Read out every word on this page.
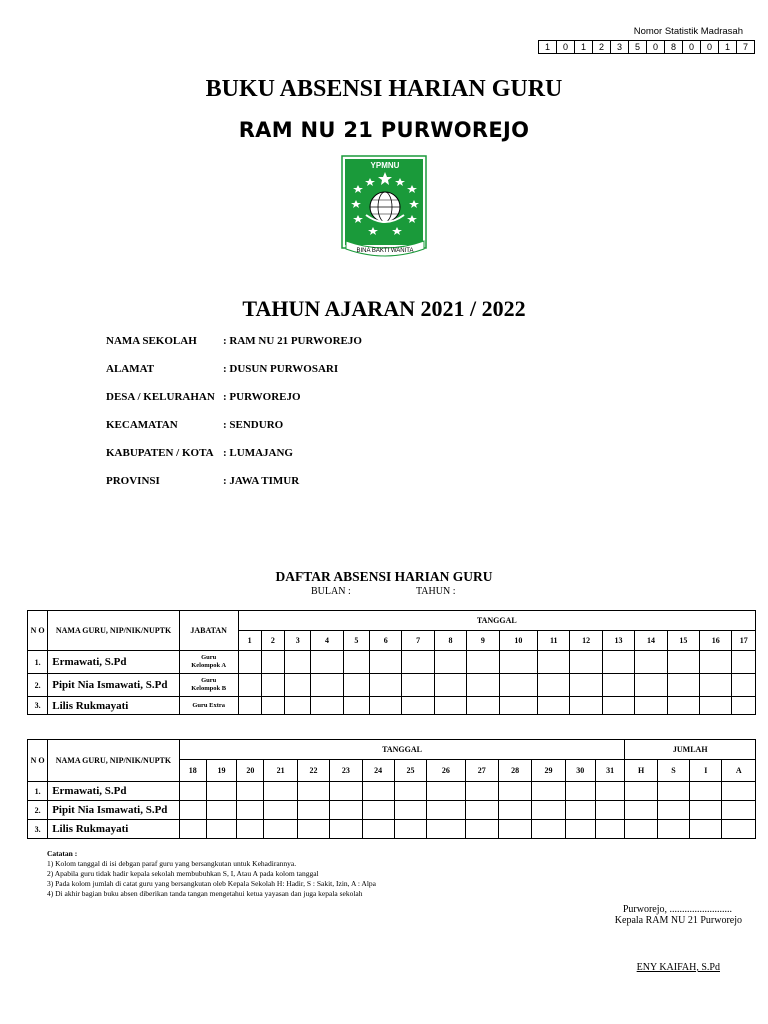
Nomor Statistik Madrasah
1	0	1	2	3	5	0	8	0	0	1	7
BUKU ABSENSI HARIAN GURU
RAM NU 21 PURWOREJO
YPMNU
BINA BAKTI WANITA
TAHUN AJARAN 2021 / 2022
NAMA SEKOLAH	: RAM NU 21 PURWOREJO
ALAMAT	: DUSUN PURWOSARI
DESA / KELURAHAN : PURWOREJO
KECAMATAN	: SENDURO
KABUPATEN / KOTA : LUMAJANG
PROVINSI	: JAWA TIMUR
DAFTAR ABSENSI HARIAN GURU
BULAN :	TAHUN :
N O	NAMA GURU, NIP/NIK/NUPTK	JABATAN	TANGGAL																
			1	2	3	4	5	6	7	8	9	10	11	12	13	14	15	16	17
1.	Ermawati, S.Pd	Guru
Kelompok A																	

2.	Pipit Nia Ismawati, S.Pd	Guru
Kelompok B																	

3.	Lilis Rukmayati	Guru Extra																	

N O	NAMA GURU, NIP/NIK/NUPTK	TANGGAL														JUMLAH			
		18	19	20	21	22	23	24	25	26	27	28	29	30	31	H	S	I	A
1.	Ermawati, S.Pd																		
2.	Pipit Nia Ismawati, S.Pd																		
3.	Lilis Rukmayati																		
Catatan :
1) Kolom tanggal di isi debgan paraf guru yang bersangkutan untuk Kehadirannya.
2) Apabila guru tidak hadir kepala sekolah membubuhkan S, I, Atau A pada kolom tanggal
3) Pada kolom jumlah di catat guru yang bersangkutan oleb Kepala Sekolah H: Hadir, S : Sakit, Izin, A : Alpa
4) Di akhir bagian buku absen diberikan tanda tangan mengetahui ketua yayasan dan juga kepala sekolah
Purworejo, .........................
Kepala RAM NU 21 Purworejo
ENY KAIFAH, S.Pd
